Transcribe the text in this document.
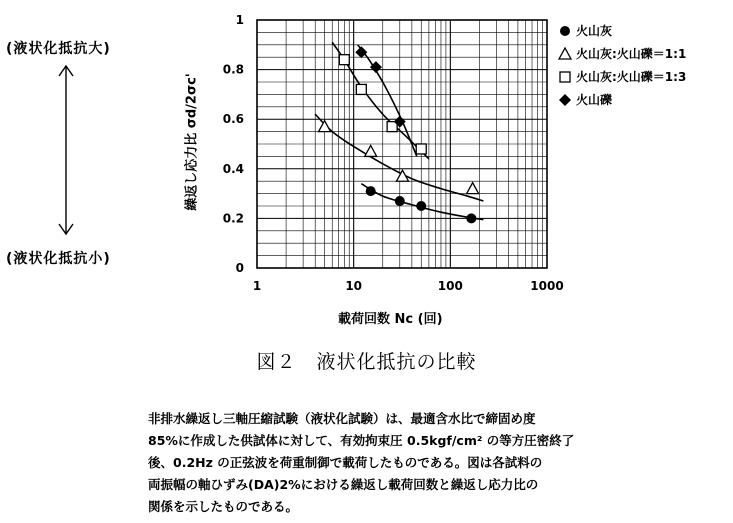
(液状化抵抗大)
(液状化抵抗小)
1	10	100	1000
0
0.2
0.4
0.6
0.8
1
繰返し応力比 σd/2σc'
載荷回数 Nc (回)
火山灰
火山灰:火山礫＝1:1
火山灰:火山礫＝1:3
火山礫
図２　液状化抵抗の比較

非排水繰返し三軸圧縮試験（液状化試験）は、最適含水比で締固め度
85%に作成した供試体に対して、有効拘束圧 0.5kgf/cm² の等方圧密終了
後、0.2Hz の正弦波を荷重制御で載荷したものである。図は各試料の
両振幅の軸ひずみ(DA)2%における繰返し載荷回数と繰返し応力比の
関係を示したものである。
